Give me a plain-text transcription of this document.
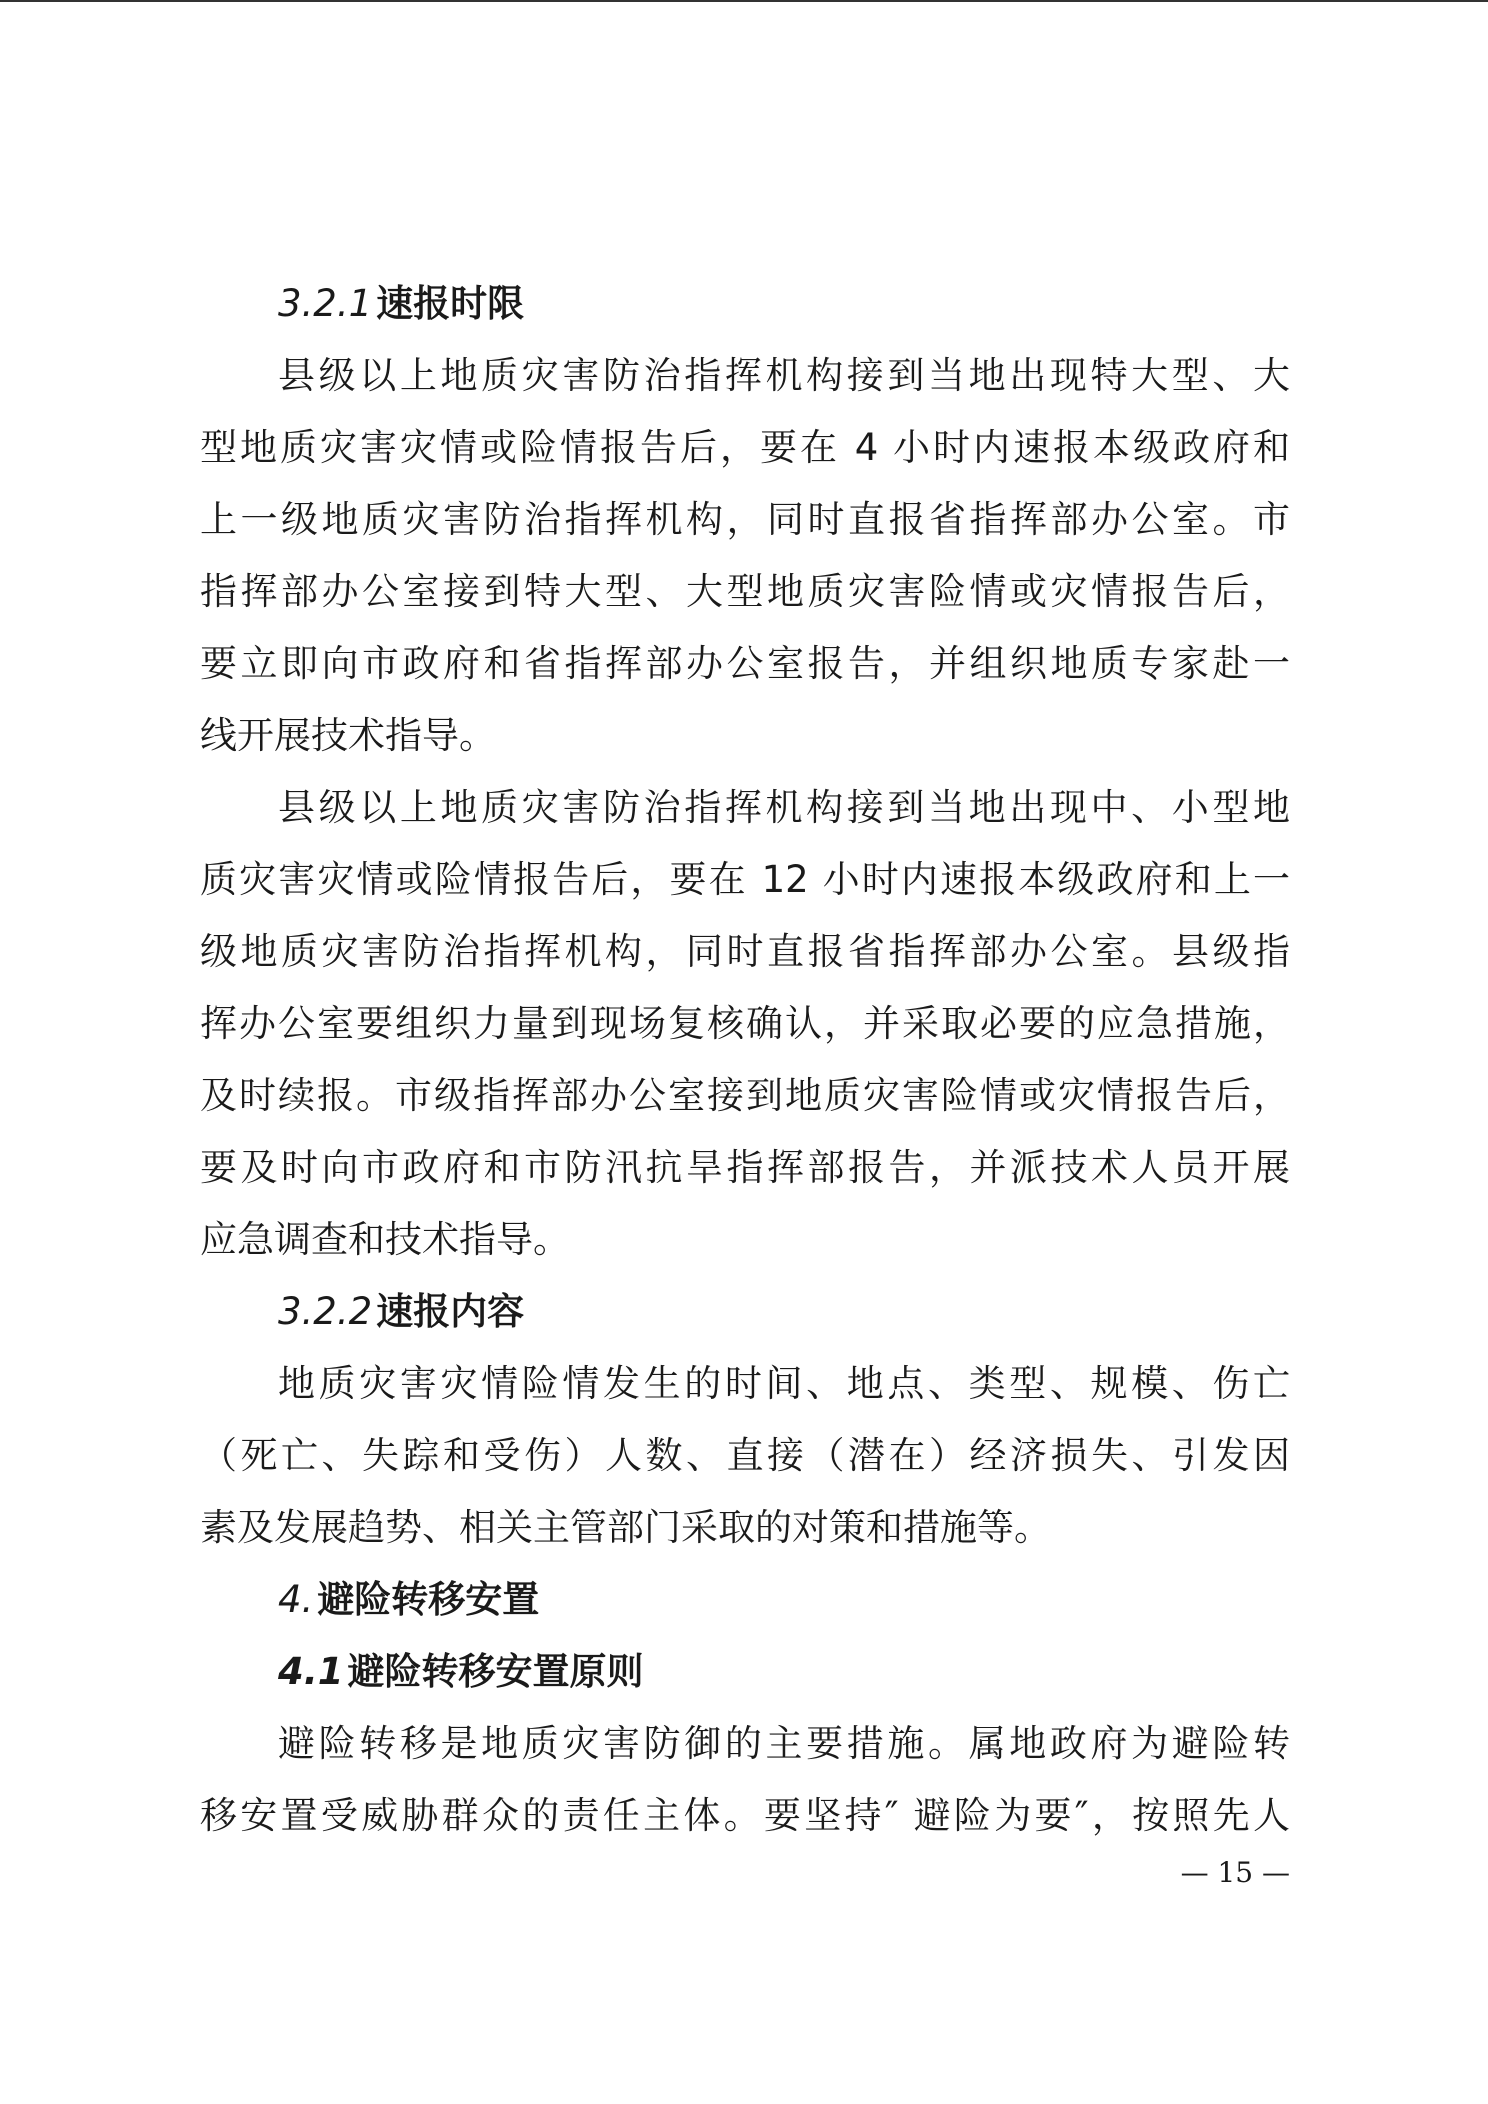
3.2.1 速报时限
县级以上地质灾害防治指挥机构接到当地出现特大型、大
型地质灾害灾情或险情报告后，要在 4 小时内速报本级政府和
上一级地质灾害防治指挥机构，同时直报省指挥部办公室。市
指挥部办公室接到特大型、大型地质灾害险情或灾情报告后，
要立即向市政府和省指挥部办公室报告，并组织地质专家赴一
线开展技术指导。
县级以上地质灾害防治指挥机构接到当地出现中、小型地
质灾害灾情或险情报告后，要在 12 小时内速报本级政府和上一
级地质灾害防治指挥机构，同时直报省指挥部办公室。县级指
挥办公室要组织力量到现场复核确认，并采取必要的应急措施，
及时续报。市级指挥部办公室接到地质灾害险情或灾情报告后，
要及时向市政府和市防汛抗旱指挥部报告，并派技术人员开展
应急调查和技术指导。
3.2.2 速报内容
地质灾害灾情险情发生的时间、地点、类型、规模、伤亡
（死亡、失踪和受伤）人数、直接（潜在）经济损失、引发因
素及发展趋势、相关主管部门采取的对策和措施等。
4. 避险转移安置
4.1 避险转移安置原则
避险转移是地质灾害防御的主要措施。属地政府为避险转
移安置受威胁群众的责任主体。要坚持″ 避险为要″，按照先人
— 15 —
